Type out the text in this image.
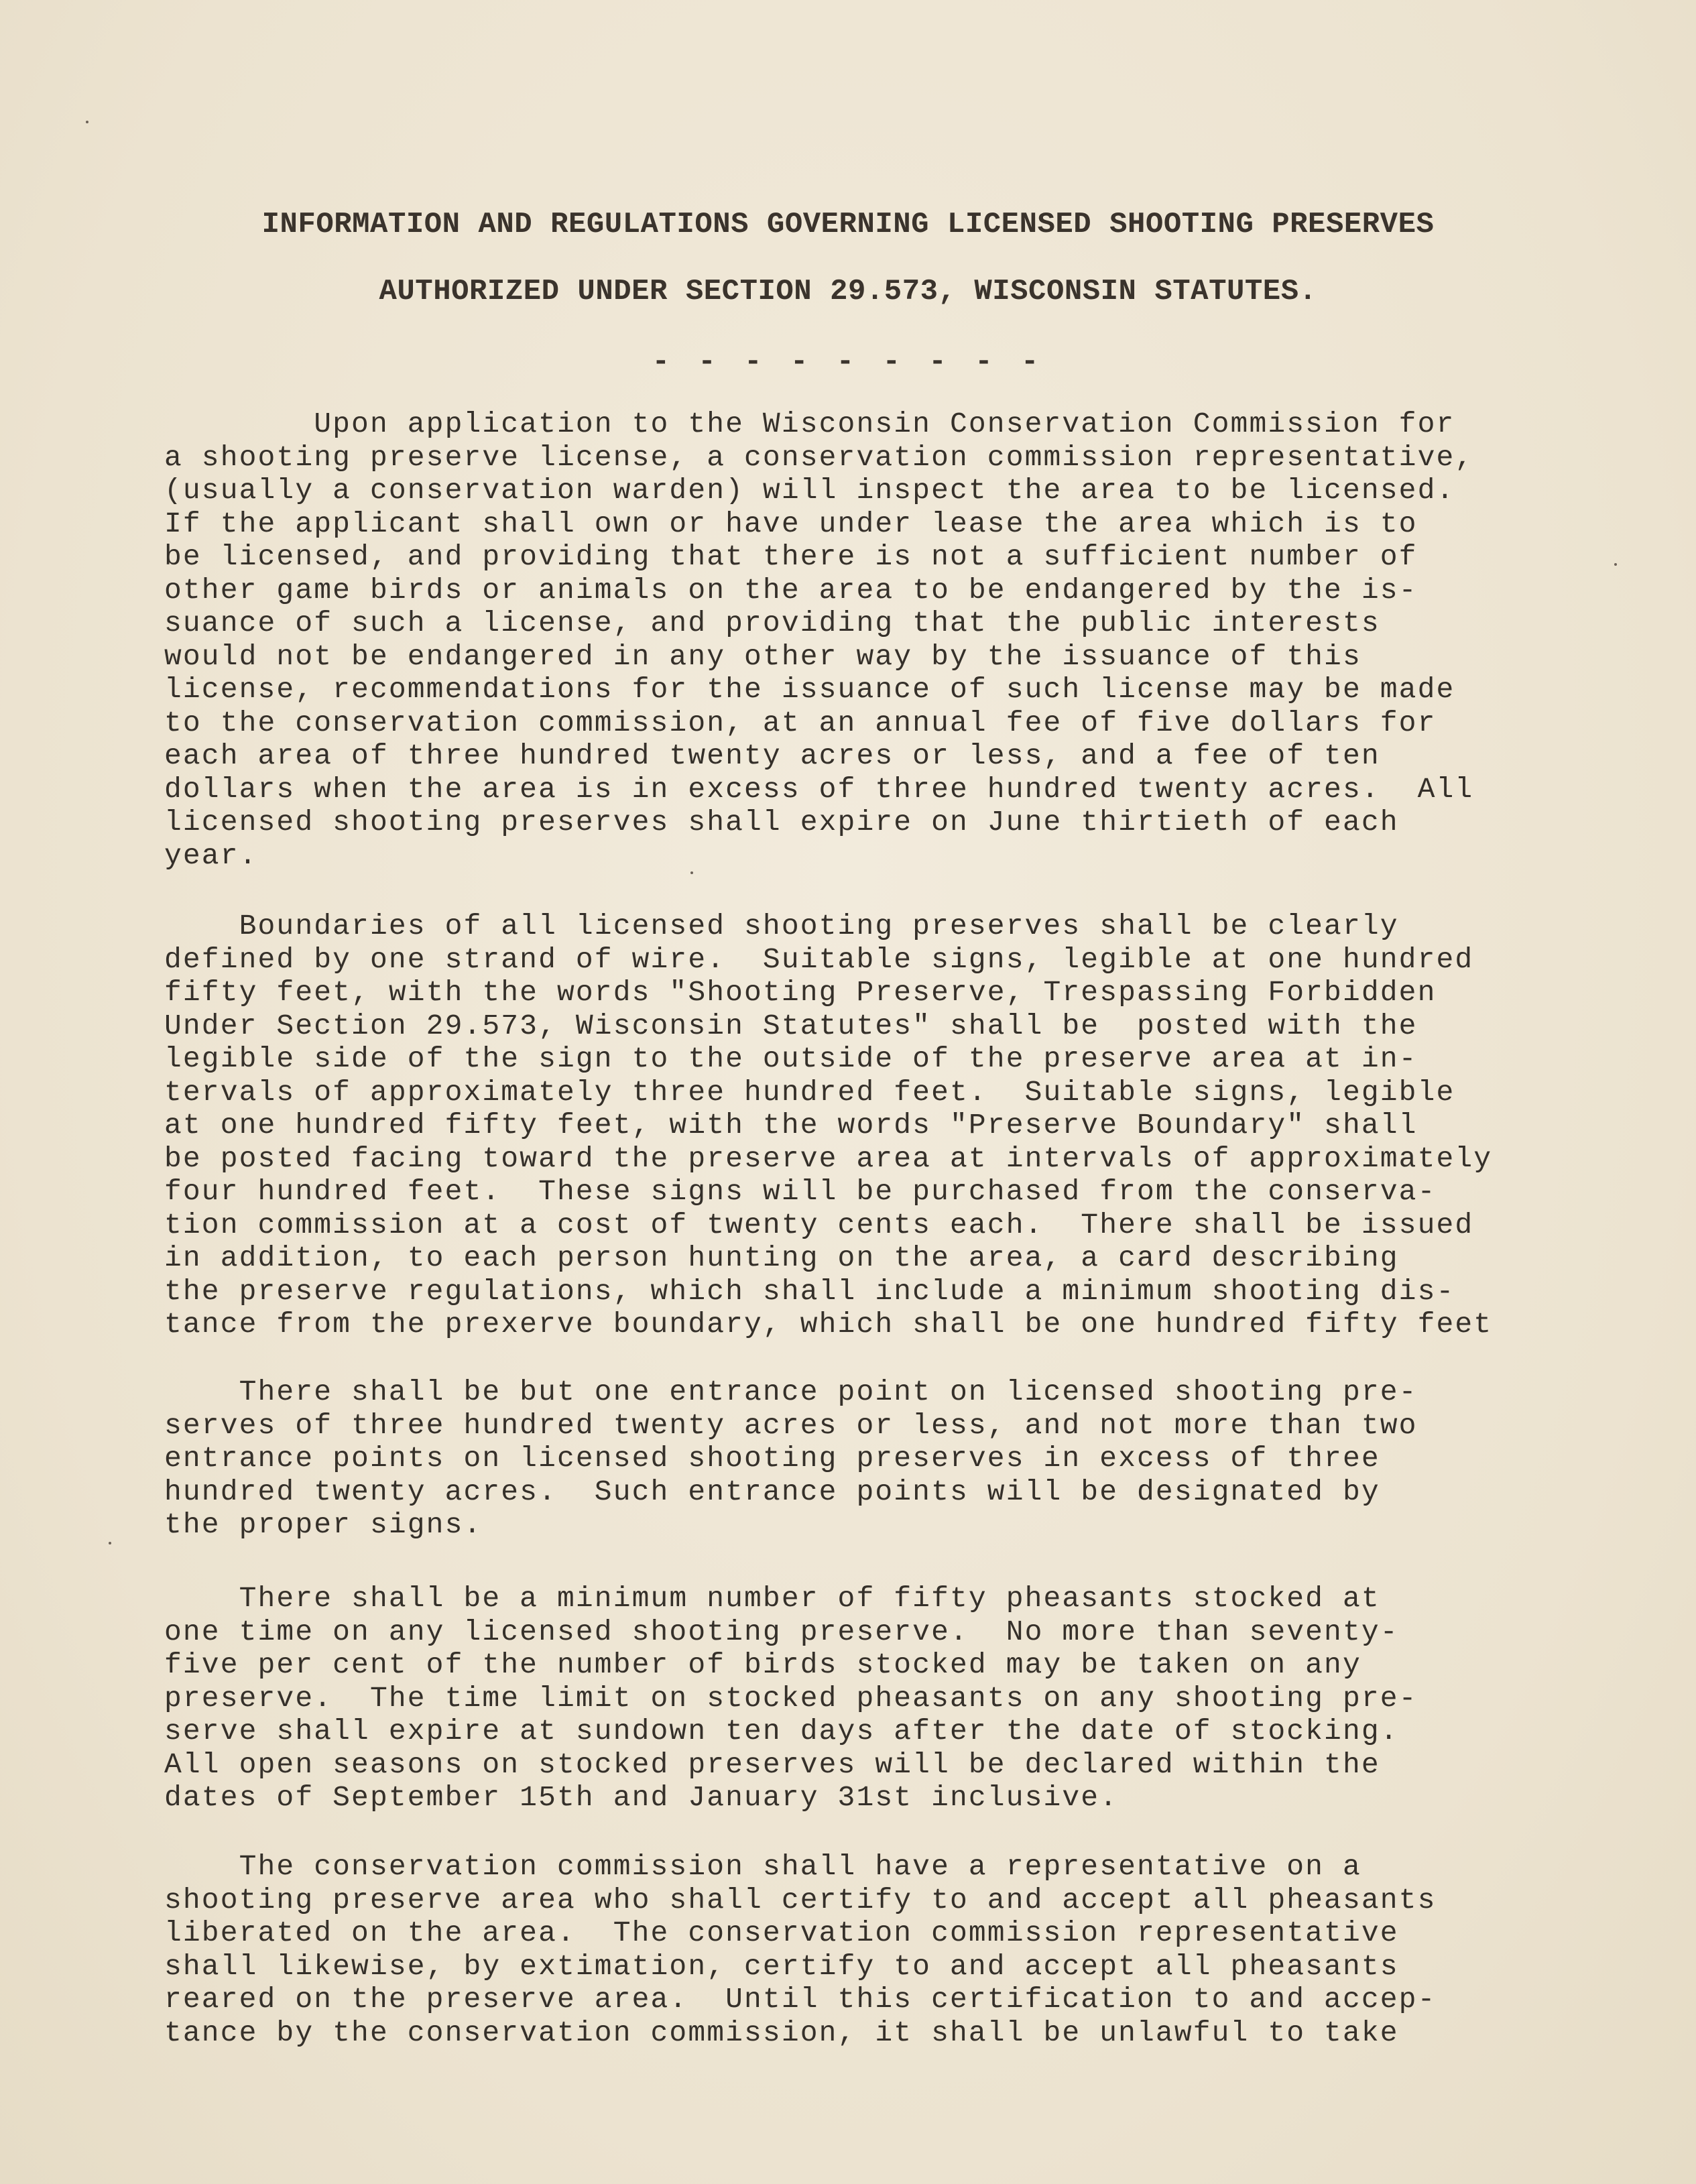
INFORMATION AND REGULATIONS GOVERNING LICENSED SHOOTING PRESERVES
AUTHORIZED UNDER SECTION 29.573, WISCONSIN STATUTES.
- - - - - - - - -
Upon application to the Wisconsin Conservation Commission for
a shooting preserve license, a conservation commission representative,
(usually a conservation warden) will inspect the area to be licensed.
If the applicant shall own or have under lease the area which is to
be licensed, and providing that there is not a sufficient number of
other game birds or animals on the area to be endangered by the is-
suance of such a license, and providing that the public interests
would not be endangered in any other way by the issuance of this
license, recommendations for the issuance of such license may be made
to the conservation commission, at an annual fee of five dollars for
each area of three hundred twenty acres or less, and a fee of ten
dollars when the area is in excess of three hundred twenty acres.  All
licensed shooting preserves shall expire on June thirtieth of each
year.
Boundaries of all licensed shooting preserves shall be clearly
defined by one strand of wire.  Suitable signs, legible at one hundred
fifty feet, with the words "Shooting Preserve, Trespassing Forbidden
Under Section 29.573, Wisconsin Statutes" shall be  posted with the
legible side of the sign to the outside of the preserve area at in-
tervals of approximately three hundred feet.  Suitable signs, legible
at one hundred fifty feet, with the words "Preserve Boundary" shall
be posted facing toward the preserve area at intervals of approximately
four hundred feet.  These signs will be purchased from the conserva-
tion commission at a cost of twenty cents each.  There shall be issued
in addition, to each person hunting on the area, a card describing
the preserve regulations, which shall include a minimum shooting dis-
tance from the prexerve boundary, which shall be one hundred fifty feet
There shall be but one entrance point on licensed shooting pre-
serves of three hundred twenty acres or less, and not more than two
entrance points on licensed shooting preserves in excess of three
hundred twenty acres.  Such entrance points will be designated by
the proper signs.
There shall be a minimum number of fifty pheasants stocked at
one time on any licensed shooting preserve.  No more than seventy-
five per cent of the number of birds stocked may be taken on any
preserve.  The time limit on stocked pheasants on any shooting pre-
serve shall expire at sundown ten days after the date of stocking.
All open seasons on stocked preserves will be declared within the
dates of September 15th and January 31st inclusive.
The conservation commission shall have a representative on a
shooting preserve area who shall certify to and accept all pheasants
liberated on the area.  The conservation commission representative
shall likewise, by extimation, certify to and accept all pheasants
reared on the preserve area.  Until this certification to and accep-
tance by the conservation commission, it shall be unlawful to take
